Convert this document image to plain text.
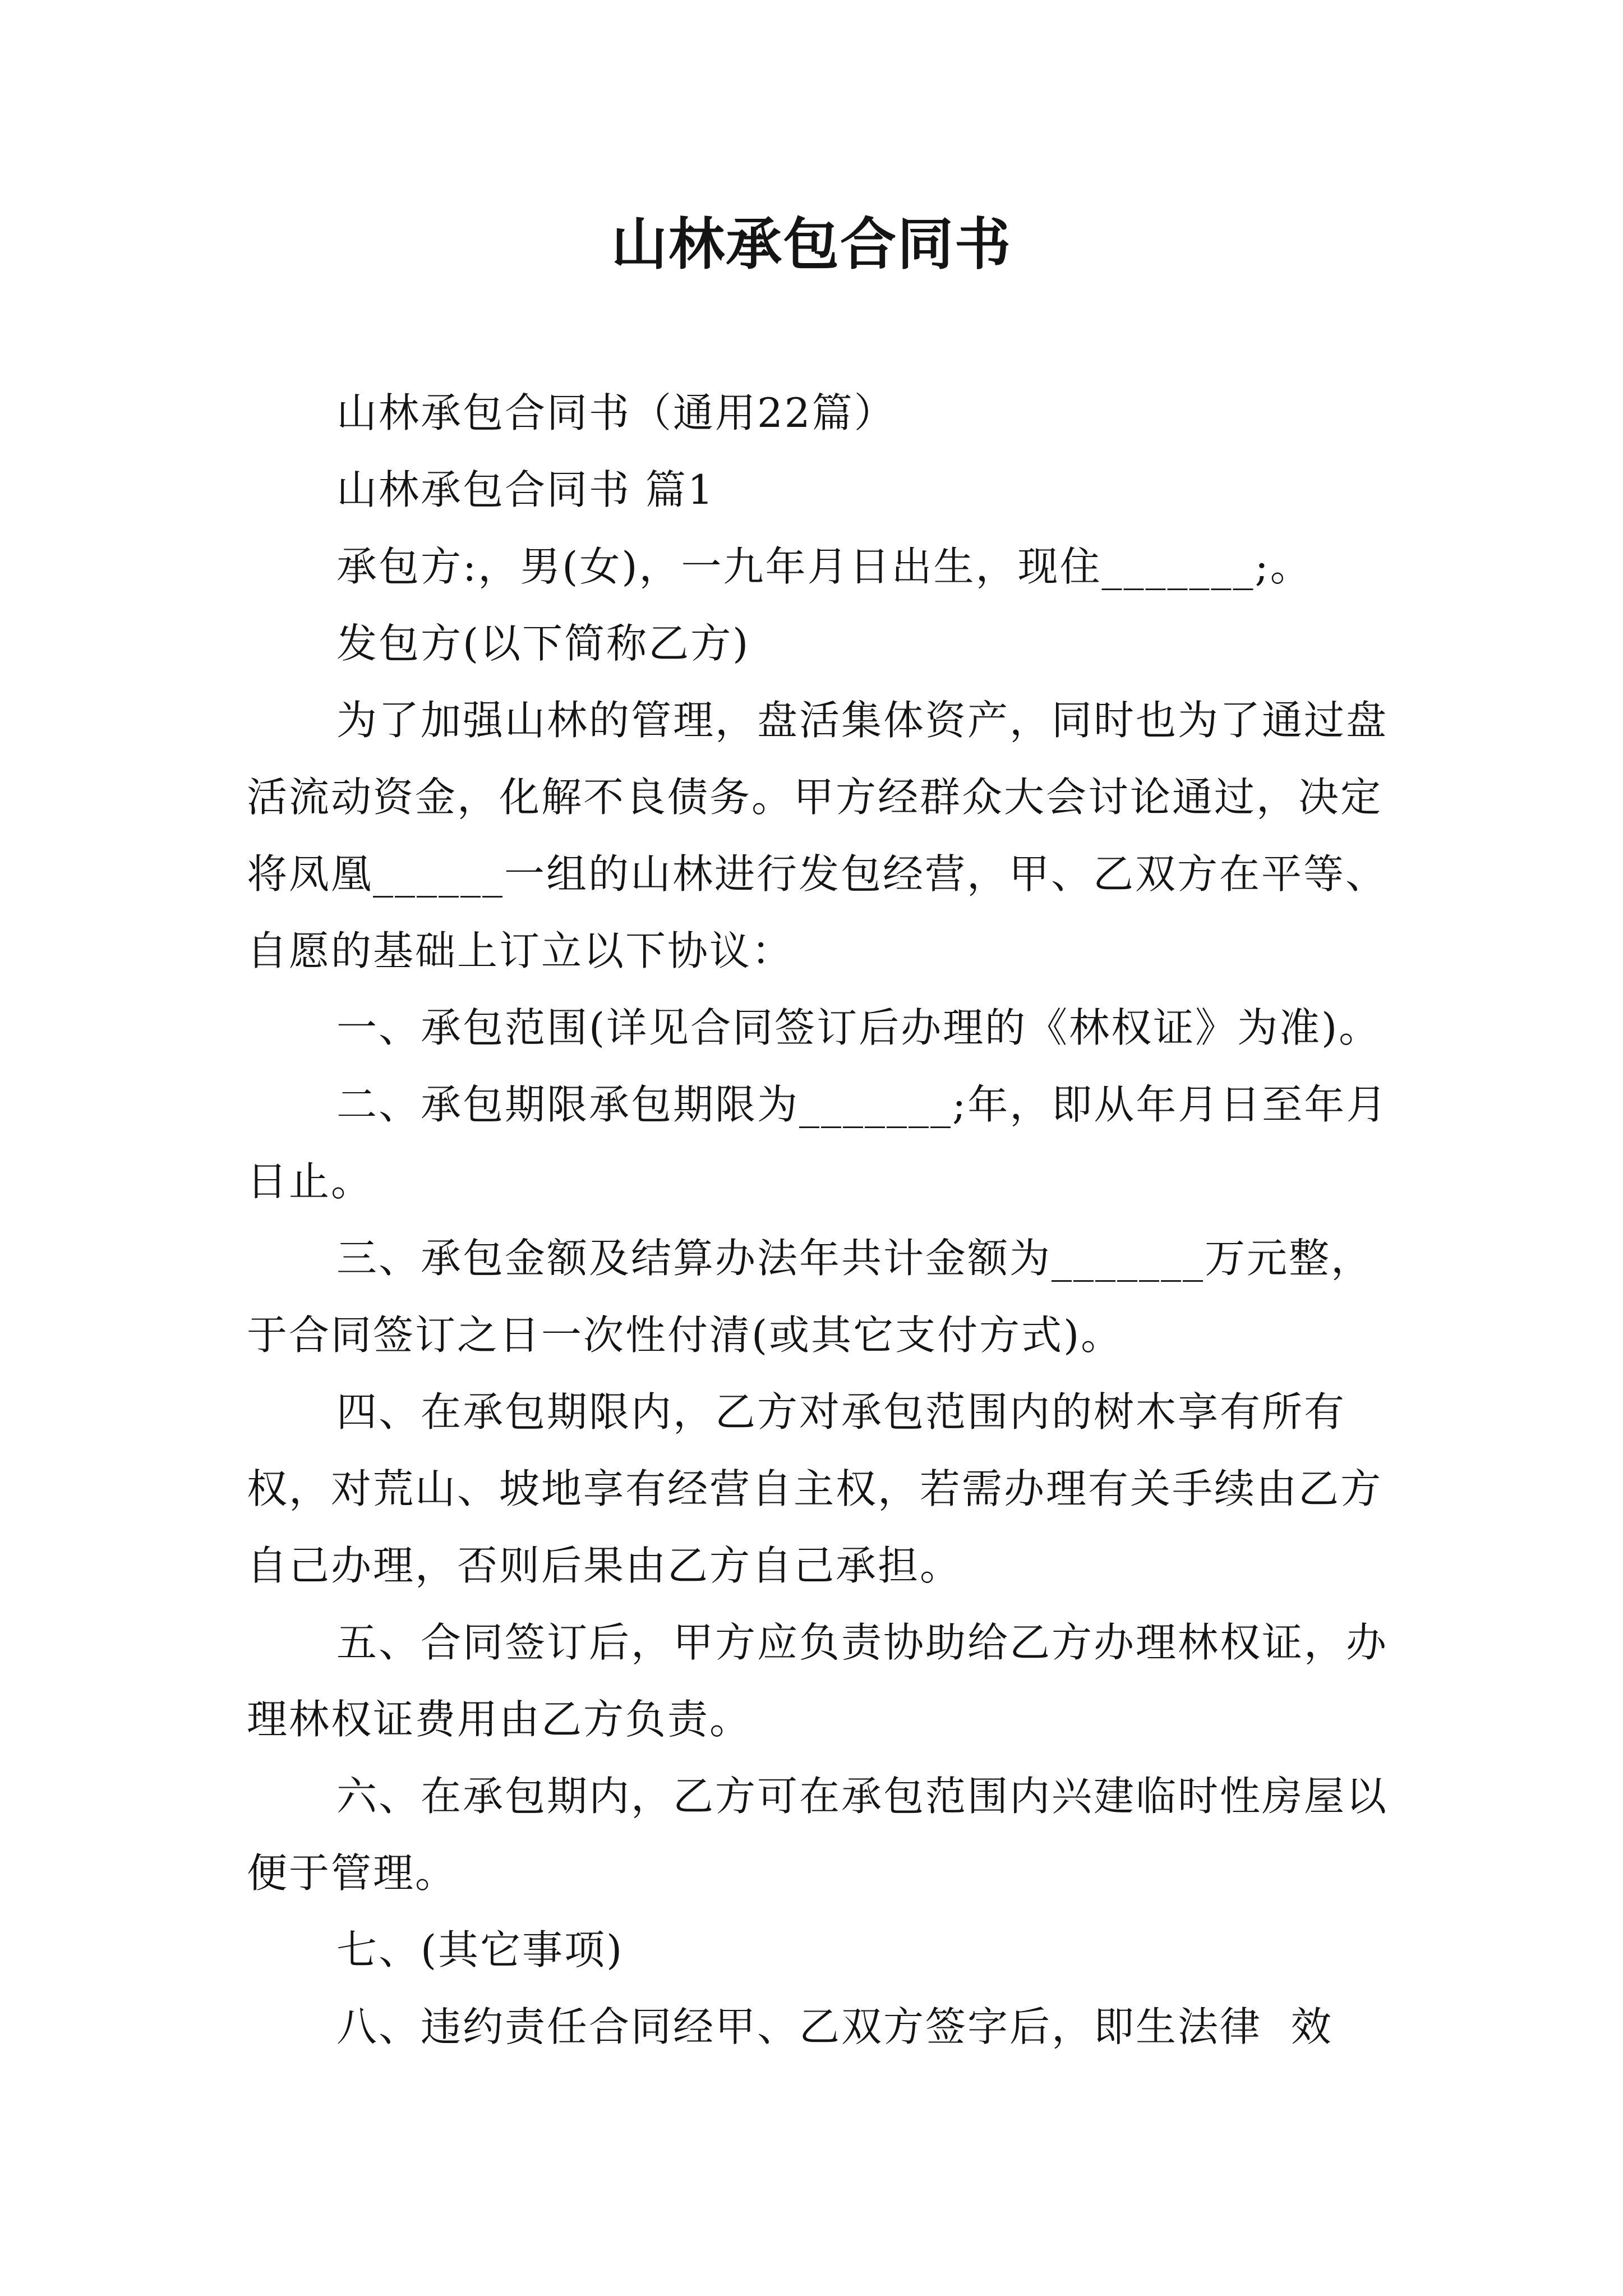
山林承包合同书

山林承包合同书（通用22篇）

山林承包合同书 篇1

承包方:，男(女)，一九年月日出生，现住_______;。

发包方(以下简称乙方)

为了加强山林的管理，盘活集体资产，同时也为了通过盘活流动资金，化解不良债务。甲方经群众大会讨论通过，决定将凤凰______一组的山林进行发包经营，甲、乙双方在平等、自愿的基础上订立以下协议：

一、承包范围(详见合同签订后办理的《林权证》为准)。

二、承包期限承包期限为_______;年，即从年月日至年月日止。

三、承包金额及结算办法年共计金额为_______万元整，于合同签订之日一次性付清(或其它支付方式)。

四、在承包期限内，乙方对承包范围内的树木享有所有权，对荒山、坡地享有经营自主权，若需办理有关手续由乙方自己办理，否则后果由乙方自己承担。

五、合同签订后，甲方应负责协助给乙方办理林权证，办理林权证费用由乙方负责。

六、在承包期内，乙方可在承包范围内兴建临时性房屋以便于管理。

七、(其它事项)

八、违约责任合同经甲、乙双方签字后，即生法律  效
